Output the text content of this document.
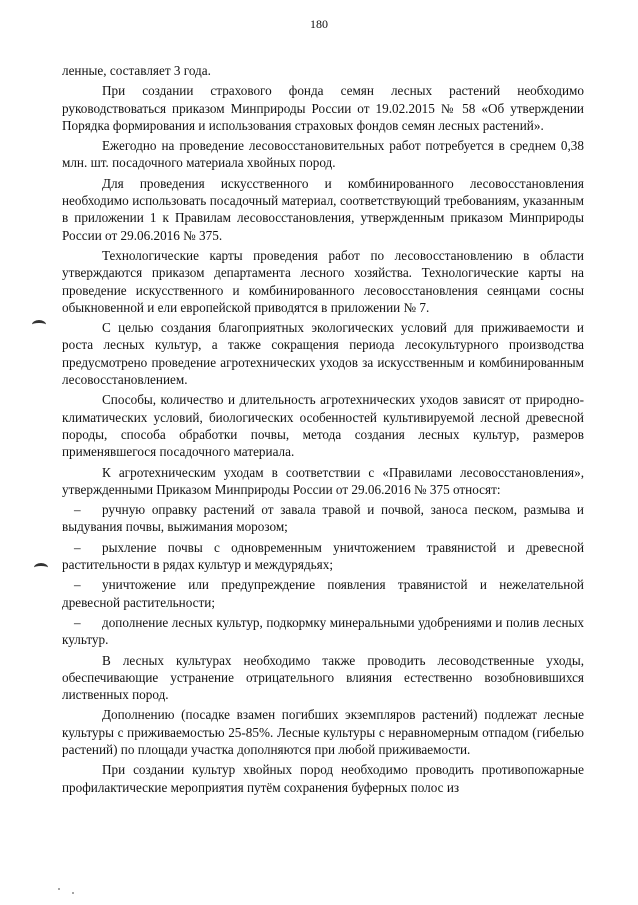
180

ленные, составляет 3 года.

При создании страхового фонда семян лесных растений необходимо руководствоваться приказом Минприроды России от 19.02.2015 № 58 «Об утверждении Порядка формирования и использования страховых фондов семян лесных растений».

Ежегодно на проведение лесовосстановительных работ потребуется в среднем 0,38 млн. шт. посадочного материала хвойных пород.

Для проведения искусственного и комбинированного лесовосстановления необходимо использовать посадочный материал, соответствующий требованиям, указанным в приложении 1 к Правилам лесовосстановления, утвержденным приказом Минприроды России от 29.06.2016 № 375.

Технологические карты проведения работ по лесовосстановлению в области утверждаются приказом департамента лесного хозяйства. Технологические карты на проведение искусственного и комбинированного лесовосстановления сеянцами сосны обыкновенной и ели европейской приводятся в приложении № 7.

С целью создания благоприятных экологических условий для приживаемости и роста лесных культур, а также сокращения периода лесокультурного производства предусмотрено проведение агротехнических уходов за искусственным и комбинированным лесовосстановлением.

Способы, количество и длительность агротехнических уходов зависят от природно-климатических условий, биологических особенностей культивируемой лесной древесной породы, способа обработки почвы, метода создания лесных культур, размеров применявшегося посадочного материала.

К агротехническим уходам в соответствии с «Правилами лесовосстановления», утвержденными Приказом Минприроды России от 29.06.2016 № 375 относят:

– ручную оправку растений от завала травой и почвой, заноса песком, размыва и выдувания почвы, выжимания морозом;

– рыхление почвы с одновременным уничтожением травянистой и древесной растительности в рядах культур и междурядьях;

– уничтожение или предупреждение появления травянистой и нежелательной древесной растительности;

– дополнение лесных культур, подкормку минеральными удобрениями и полив лесных культур.

В лесных культурах необходимо также проводить лесоводственные уходы, обеспечивающие устранение отрицательного влияния естественно возобновившихся лиственных пород.

Дополнению (посадке взамен погибших экземпляров растений) подлежат лесные культуры с приживаемостью 25-85%. Лесные культуры с неравномерным отпадом (гибелью растений) по площади участка дополняются при любой приживаемости.

При создании культур хвойных пород необходимо проводить противопожарные профилактические мероприятия путём сохранения буферных полос из
